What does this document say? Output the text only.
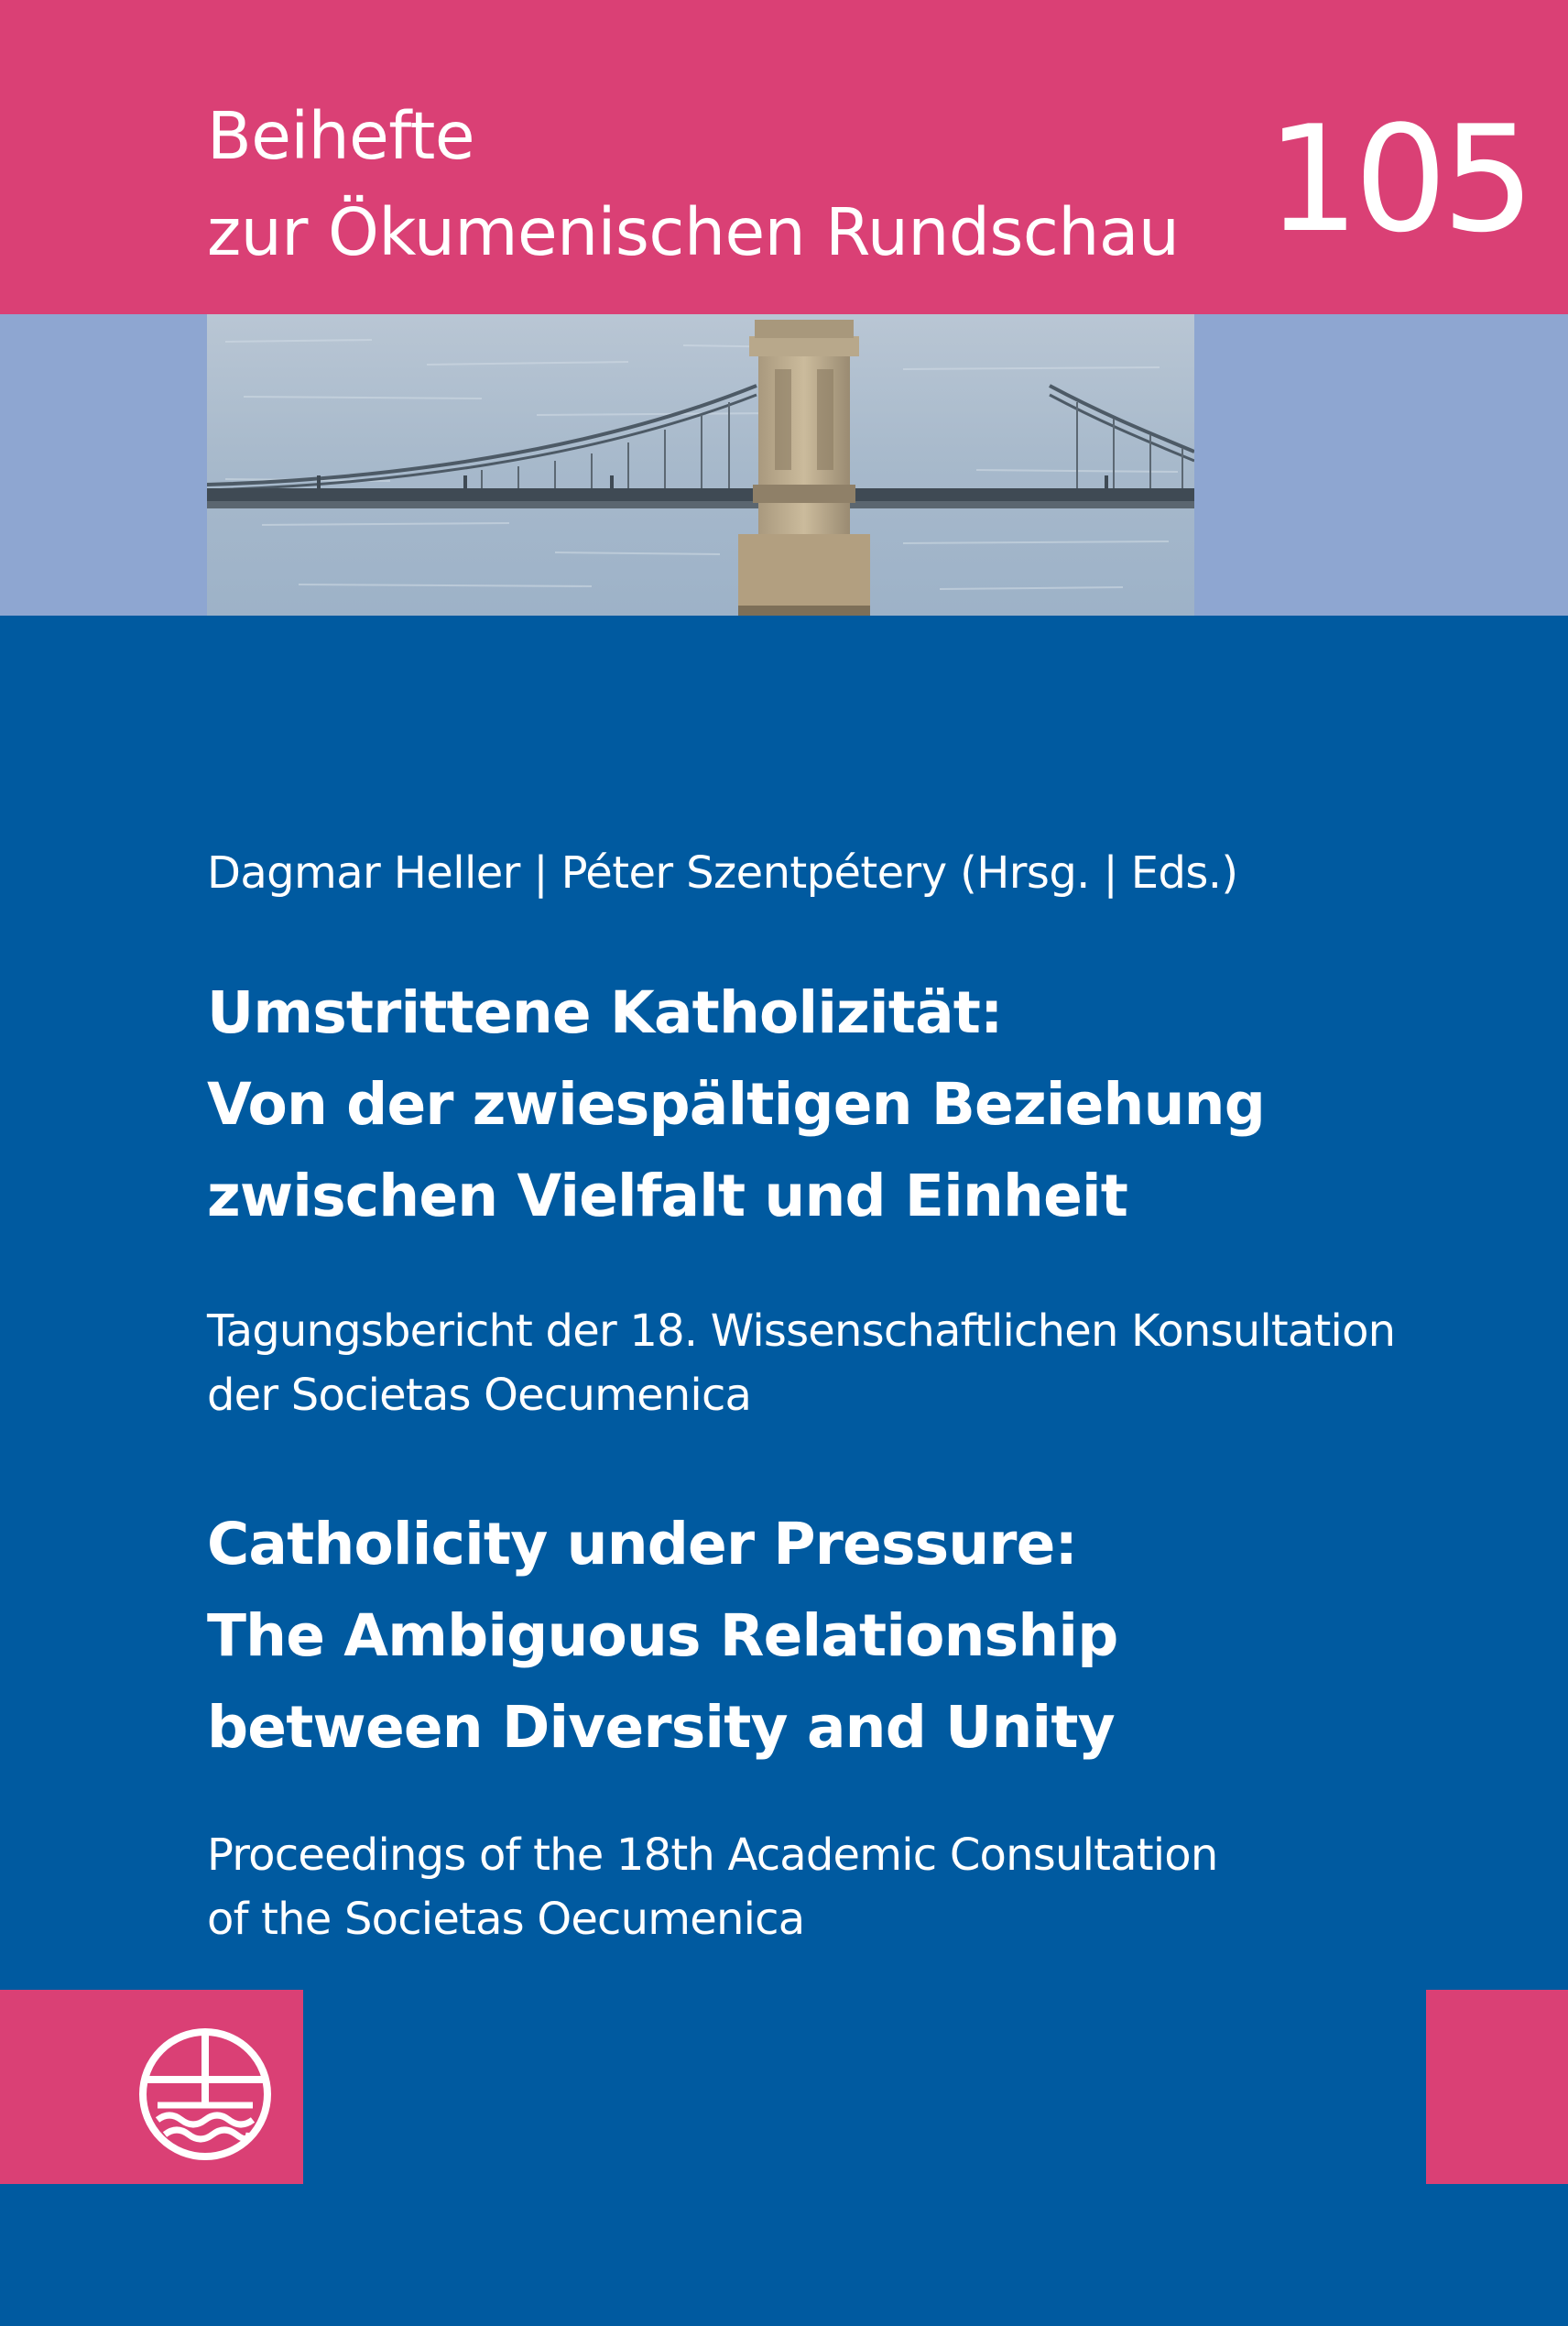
Beihefte
zur Ökumenischen Rundschau 105
Dagmar Heller | Péter Szentpétery (Hrsg. | Eds.)
Umstrittene Katholizität:
Von der zwiespältigen Beziehung
zwischen Vielfalt und Einheit
Tagungsbericht der 18. Wissenschaftlichen Konsultation
der Societas Oecumenica
Catholicity under Pressure:
The Ambiguous Relationship
between Diversity and Unity
Proceedings of the 18th Academic Consultation
of the Societas Oecumenica
